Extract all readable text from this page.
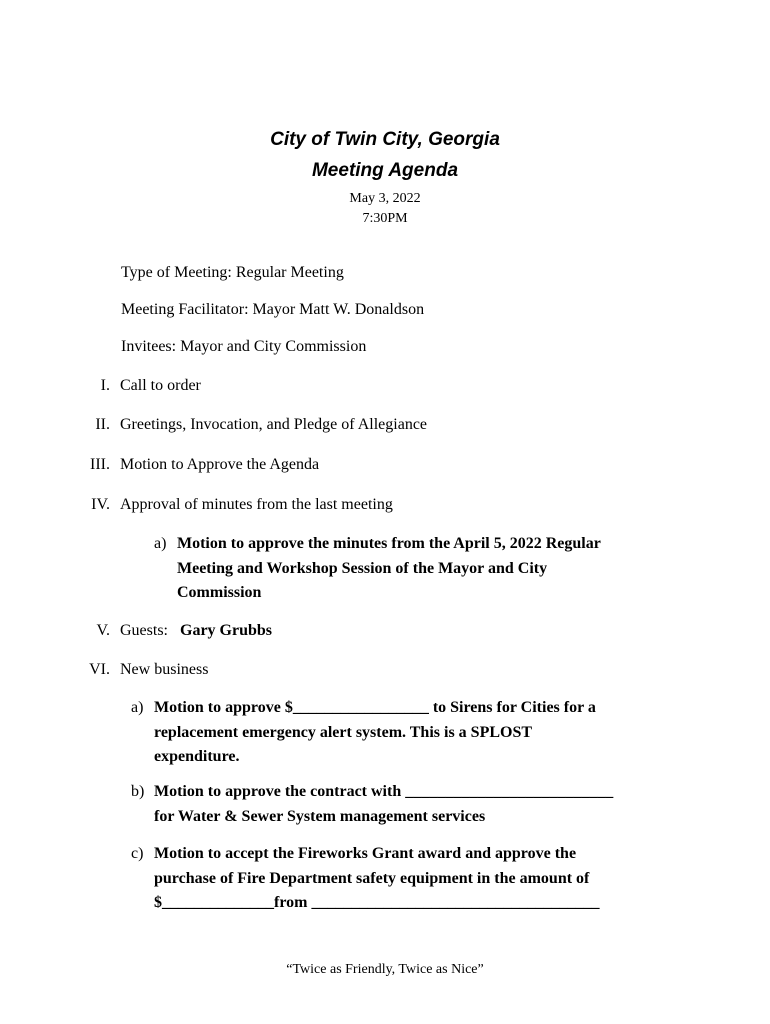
City of Twin City, Georgia
Meeting Agenda
May 3, 2022
7:30PM
Type of Meeting: Regular Meeting
Meeting Facilitator: Mayor Matt W. Donaldson
Invitees: Mayor and City Commission
I. Call to order
II. Greetings, Invocation, and Pledge of Allegiance
III. Motion to Approve the Agenda
IV. Approval of minutes from the last meeting
a) Motion to approve the minutes from the April 5, 2022 Regular
Meeting and Workshop Session of the Mayor and City
Commission
V. Guests: Gary Grubbs
VI. New business
a) Motion to approve $_________________ to Sirens for Cities for a
replacement emergency alert system. This is a SPLOST
expenditure.
b) Motion to approve the contract with __________________________
for Water & Sewer System management services
c) Motion to accept the Fireworks Grant award and approve the
purchase of Fire Department safety equipment in the amount of
$______________from ____________________________________
“Twice as Friendly, Twice as Nice”
